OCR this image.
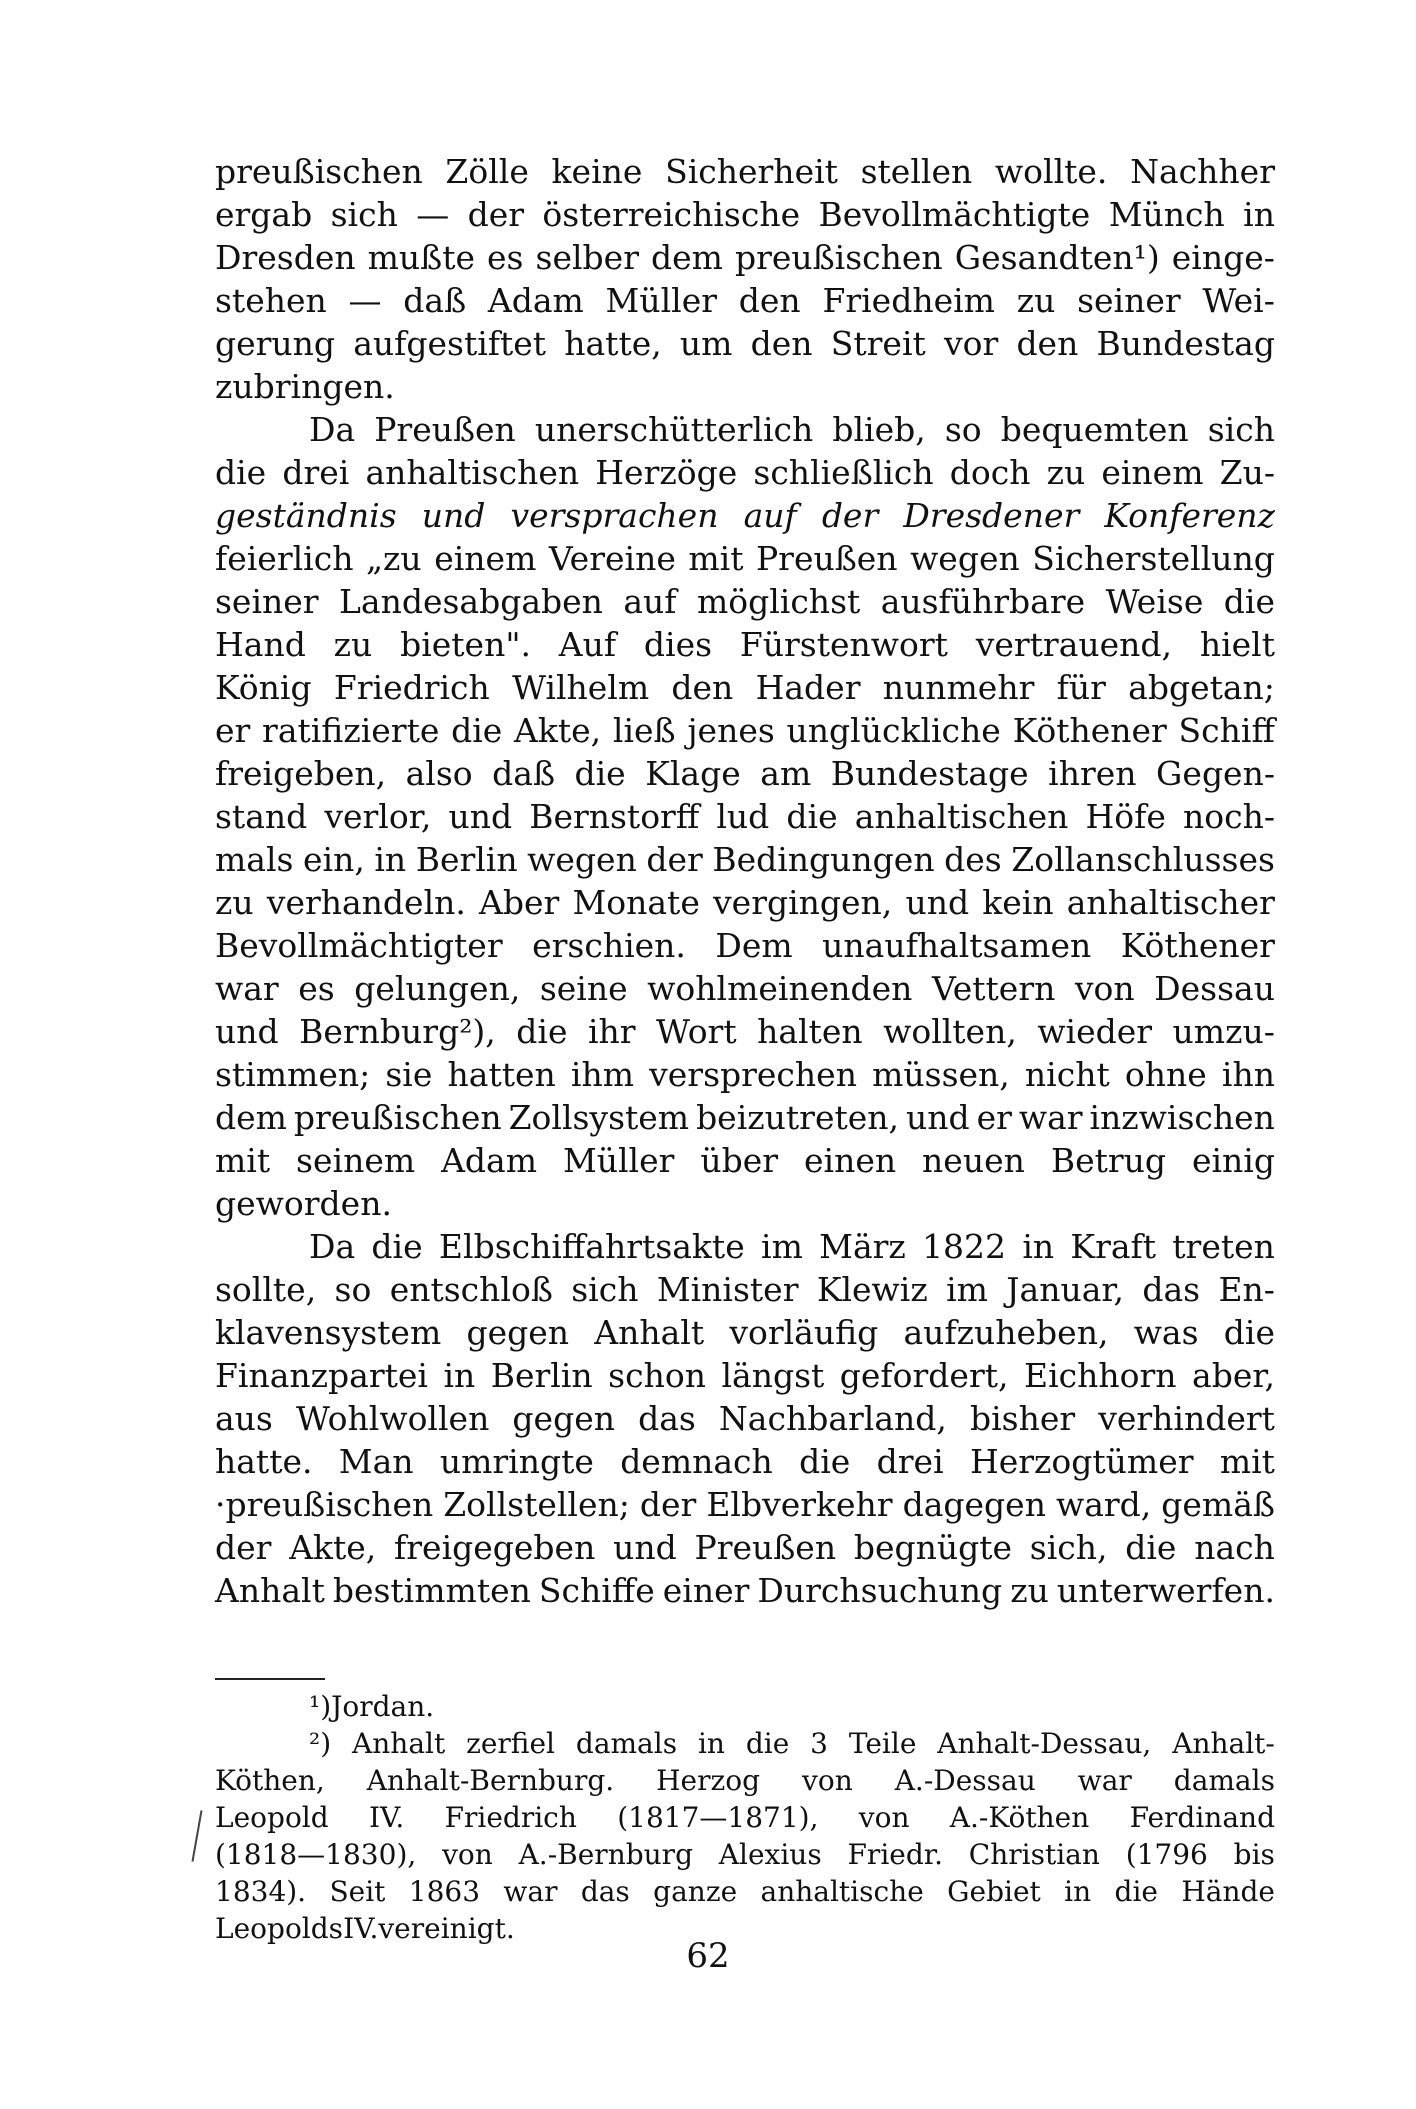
preußischen Zölle keine Sicherheit stellen wollte. Nachher
ergab sich — der österreichische Bevollmächtigte Münch in
Dresden mußte es selber dem preußischen Gesandten¹) einge-
stehen — daß Adam Müller den Friedheim zu seiner Wei-
gerung aufgestiftet hatte, um den Streit vor den Bundestag
zu bringen.
Da Preußen unerschütterlich blieb, so bequemten sich
die drei anhaltischen Herzöge schließlich doch zu einem Zu-
geständnis und versprachen auf der Dresdener Konferenz
feierlich „zu einem Vereine mit Preußen wegen Sicherstellung
seiner Landesabgaben auf möglichst ausführbare Weise die
Hand zu bieten". Auf dies Fürstenwort vertrauend, hielt
König Friedrich Wilhelm den Hader nunmehr für abgetan;
er ratifizierte die Akte, ließ jenes unglückliche Köthener Schiff
freigeben, also daß die Klage am Bundestage ihren Gegen-
stand verlor, und Bernstorff lud die anhaltischen Höfe noch-
mals ein, in Berlin wegen der Bedingungen des Zollanschlusses
zu verhandeln. Aber Monate vergingen, und kein anhaltischer
Bevollmächtigter erschien. Dem unaufhaltsamen Köthener
war es gelungen, seine wohlmeinenden Vettern von Dessau
und Bernburg²), die ihr Wort halten wollten, wieder umzu-
stimmen; sie hatten ihm versprechen müssen, nicht ohne ihn
dem preußischen Zollsystem beizutreten, und er war inzwischen
mit seinem Adam Müller über einen neuen Betrug einig
geworden.
Da die Elbschiffahrtsakte im März 1822 in Kraft treten
sollte, so entschloß sich Minister Klewiz im Januar, das En-
klavensystem gegen Anhalt vorläufig aufzuheben, was die
Finanzpartei in Berlin schon längst gefordert, Eichhorn aber,
aus Wohlwollen gegen das Nachbarland, bisher verhindert
hatte. Man umringte demnach die drei Herzogtümer mit
·preußischen Zollstellen; der Elbverkehr dagegen ward, gemäß
der Akte, freigegeben und Preußen begnügte sich, die nach
Anhalt bestimmten Schiffe einer Durchsuchung zu unterwerfen.
¹) Jordan.
²) Anhalt zerfiel damals in die 3 Teile Anhalt-Dessau, Anhalt-
Köthen, Anhalt-Bernburg. Herzog von A.-Dessau war damals
Leopold IV. Friedrich (1817—1871), von A.-Köthen Ferdinand
(1818—1830), von A.-Bernburg Alexius Friedr. Christian (1796 bis
1834). Seit 1863 war das ganze anhaltische Gebiet in die Hände
Leopolds IV. vereinigt.
62
